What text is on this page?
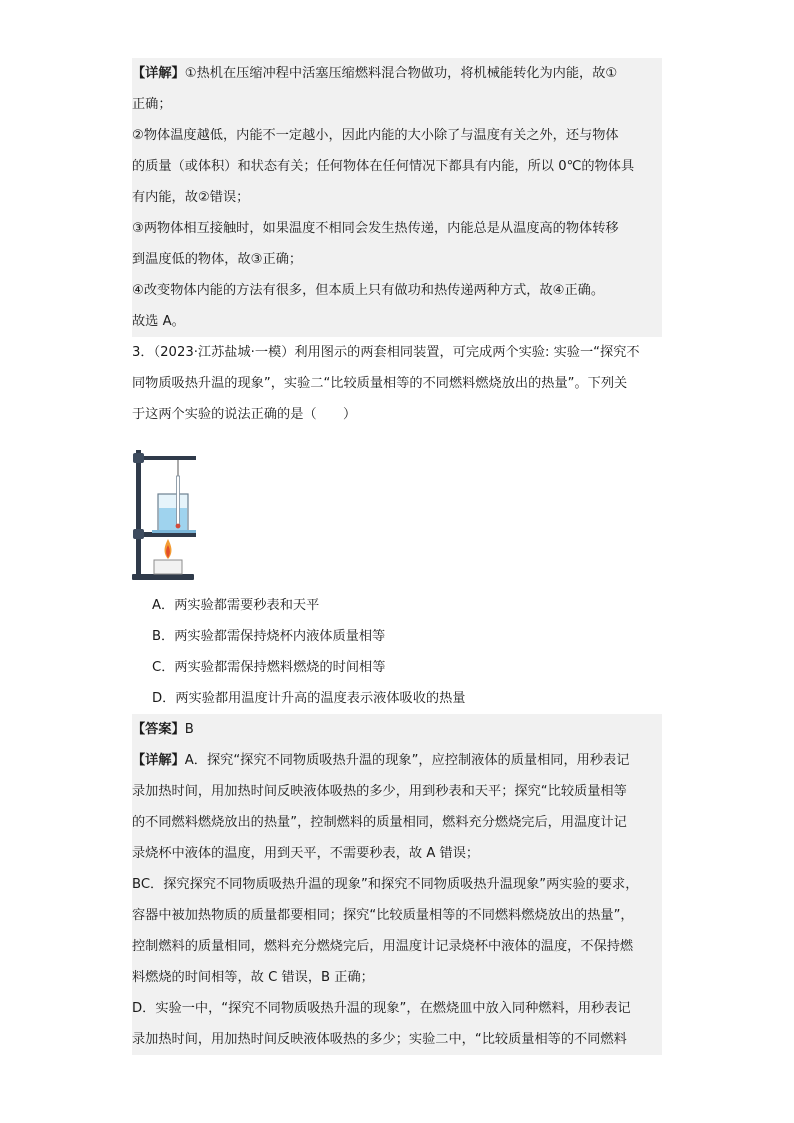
【详解】①热机在压缩冲程中活塞压缩燃料混合物做功，将机械能转化为内能，故①
正确；
②物体温度越低，内能不一定越小，因此内能的大小除了与温度有关之外，还与物体
的质量（或体积）和状态有关；任何物体在任何情况下都具有内能，所以 0℃的物体具
有内能，故②错误；
③两物体相互接触时，如果温度不相同会发生热传递，内能总是从温度高的物体转移
到温度低的物体，故③正确；
④改变物体内能的方法有很多，但本质上只有做功和热传递两种方式，故④正确。
故选 A。
3．（2023·江苏盐城·一模）利用图示的两套相同装置，可完成两个实验: 实验一“探究不
同物质吸热升温的现象”，实验二“比较质量相等的不同燃料燃烧放出的热量”。下列关
于这两个实验的说法正确的是（　　）
A．两实验都需要秒表和天平
B．两实验都需保持烧杯内液体质量相等
C．两实验都需保持燃料燃烧的时间相等
D．两实验都用温度计升高的温度表示液体吸收的热量
【答案】B
【详解】A．探究“探究不同物质吸热升温的现象”，应控制液体的质量相同，用秒表记
录加热时间，用加热时间反映液体吸热的多少，用到秒表和天平；探究“比较质量相等
的不同燃料燃烧放出的热量”，控制燃料的质量相同，燃料充分燃烧完后，用温度计记
录烧杯中液体的温度，用到天平，不需要秒表，故 A 错误；
BC．探究探究不同物质吸热升温的现象”和探究不同物质吸热升温现象”两实验的要求，
容器中被加热物质的质量都要相同；探究“比较质量相等的不同燃料燃烧放出的热量”，
控制燃料的质量相同，燃料充分燃烧完后，用温度计记录烧杯中液体的温度，不保持燃
料燃烧的时间相等，故 C 错误，B 正确；
D．实验一中，“探究不同物质吸热升温的现象”，在燃烧皿中放入同种燃料，用秒表记
录加热时间，用加热时间反映液体吸热的多少；实验二中，“比较质量相等的不同燃料
